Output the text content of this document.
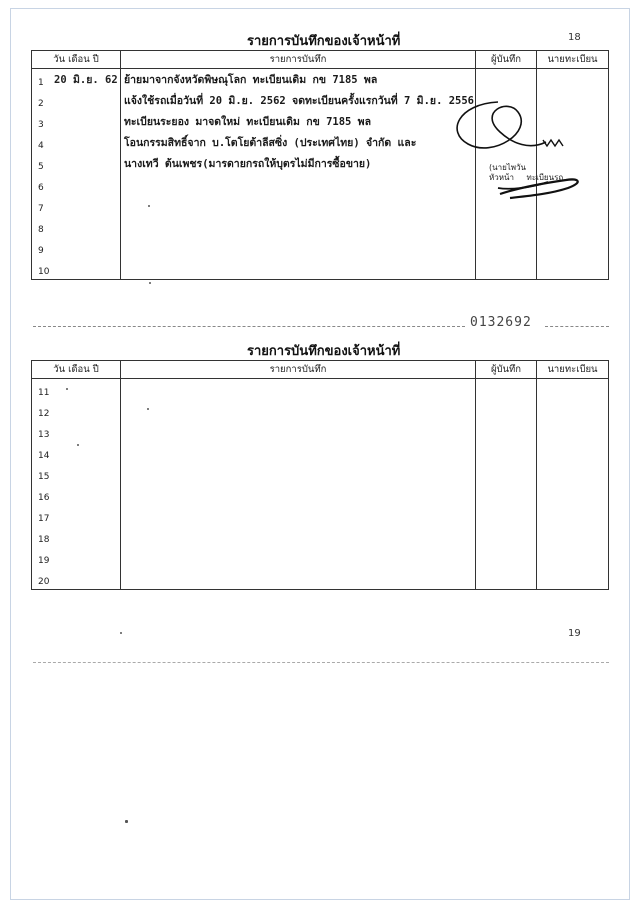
รายการบันทึกของเจ้าหน้าที่	18
วัน เดือน ปี	รายการบันทึก	ผู้บันทึก	นายทะเบียน

1 20 มิ.ย. 62	ย้ายมาจากจังหวัดพิษณุโลก ทะเบียนเดิม กข 7185 พล		

2	แจ้งใช้รถเมื่อวันที่ 20 มิ.ย. 2562 จดทะเบียนครั้งแรกวันที่ 7 มิ.ย. 2556		

3	ทะเบียนระยอง มาจดใหม่ ทะเบียนเดิม กข 7185 พล		

4	โอนกรรมสิทธิ์จาก บ.โตโยต้าลีสซิ่ง (ประเทศไทย) จำกัด และ		

5	นางเทวี ต้นเพชร(มารดายกรถให้บุตรไม่มีการซื้อขาย)		

6			

7			

8			

9			

10			

(นายไพวัน
หัวหน้า ทะเบียนรถ
0132692
รายการบันทึกของเจ้าหน้าที่
วัน เดือน ปี	รายการบันทึก	ผู้บันทึก	นายทะเบียน

11			

12			

13			

14			

15			

16			

17			

18			

19			

20			

19
